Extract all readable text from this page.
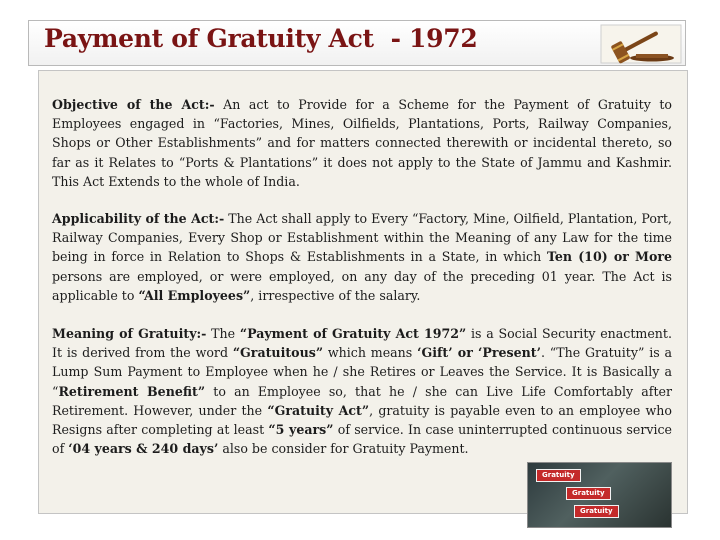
Payment of Gratuity Act  - 1972

Objective of the Act:- An act to Provide for a Scheme for the Payment of Gratuity to Employees engaged in “Factories, Mines, Oilfields, Plantations, Ports, Railway Companies, Shops or Other Establishments” and for matters connected therewith or incidental thereto, so far as it Relates to “Ports & Plantations” it does not apply to the State of Jammu and Kashmir. This Act Extends to the whole of India.

Applicability of the Act:- The Act shall apply to Every “Factory, Mine, Oilfield, Plantation, Port, Railway Companies, Every Shop or Establishment within the Meaning of any Law for the time being in force in Relation to Shops & Establishments in a State, in which Ten (10) or More persons are employed, or were employed, on any day of the preceding 01 year. The Act is applicable to “All Employees”, irrespective of the salary.

Meaning of Gratuity:- The “Payment of Gratuity Act 1972” is a Social Security enactment. It is derived from the word “Gratuitous” which means ‘Gift’ or ‘Present’. “The Gratuity” is a Lump Sum Payment to Employee when he / she Retires or Leaves the Service. It is Basically a “Retirement Benefit” to an Employee so, that he / she can Live Life Comfortably after Retirement. However, under the “Gratuity Act”, gratuity is payable even to an employee who Resigns after completing at least “5 years” of service. In case uninterrupted continuous service of ‘04 years & 240 days’ also be consider for Gratuity Payment.

Gratuity
Gratuity
Gratuity
